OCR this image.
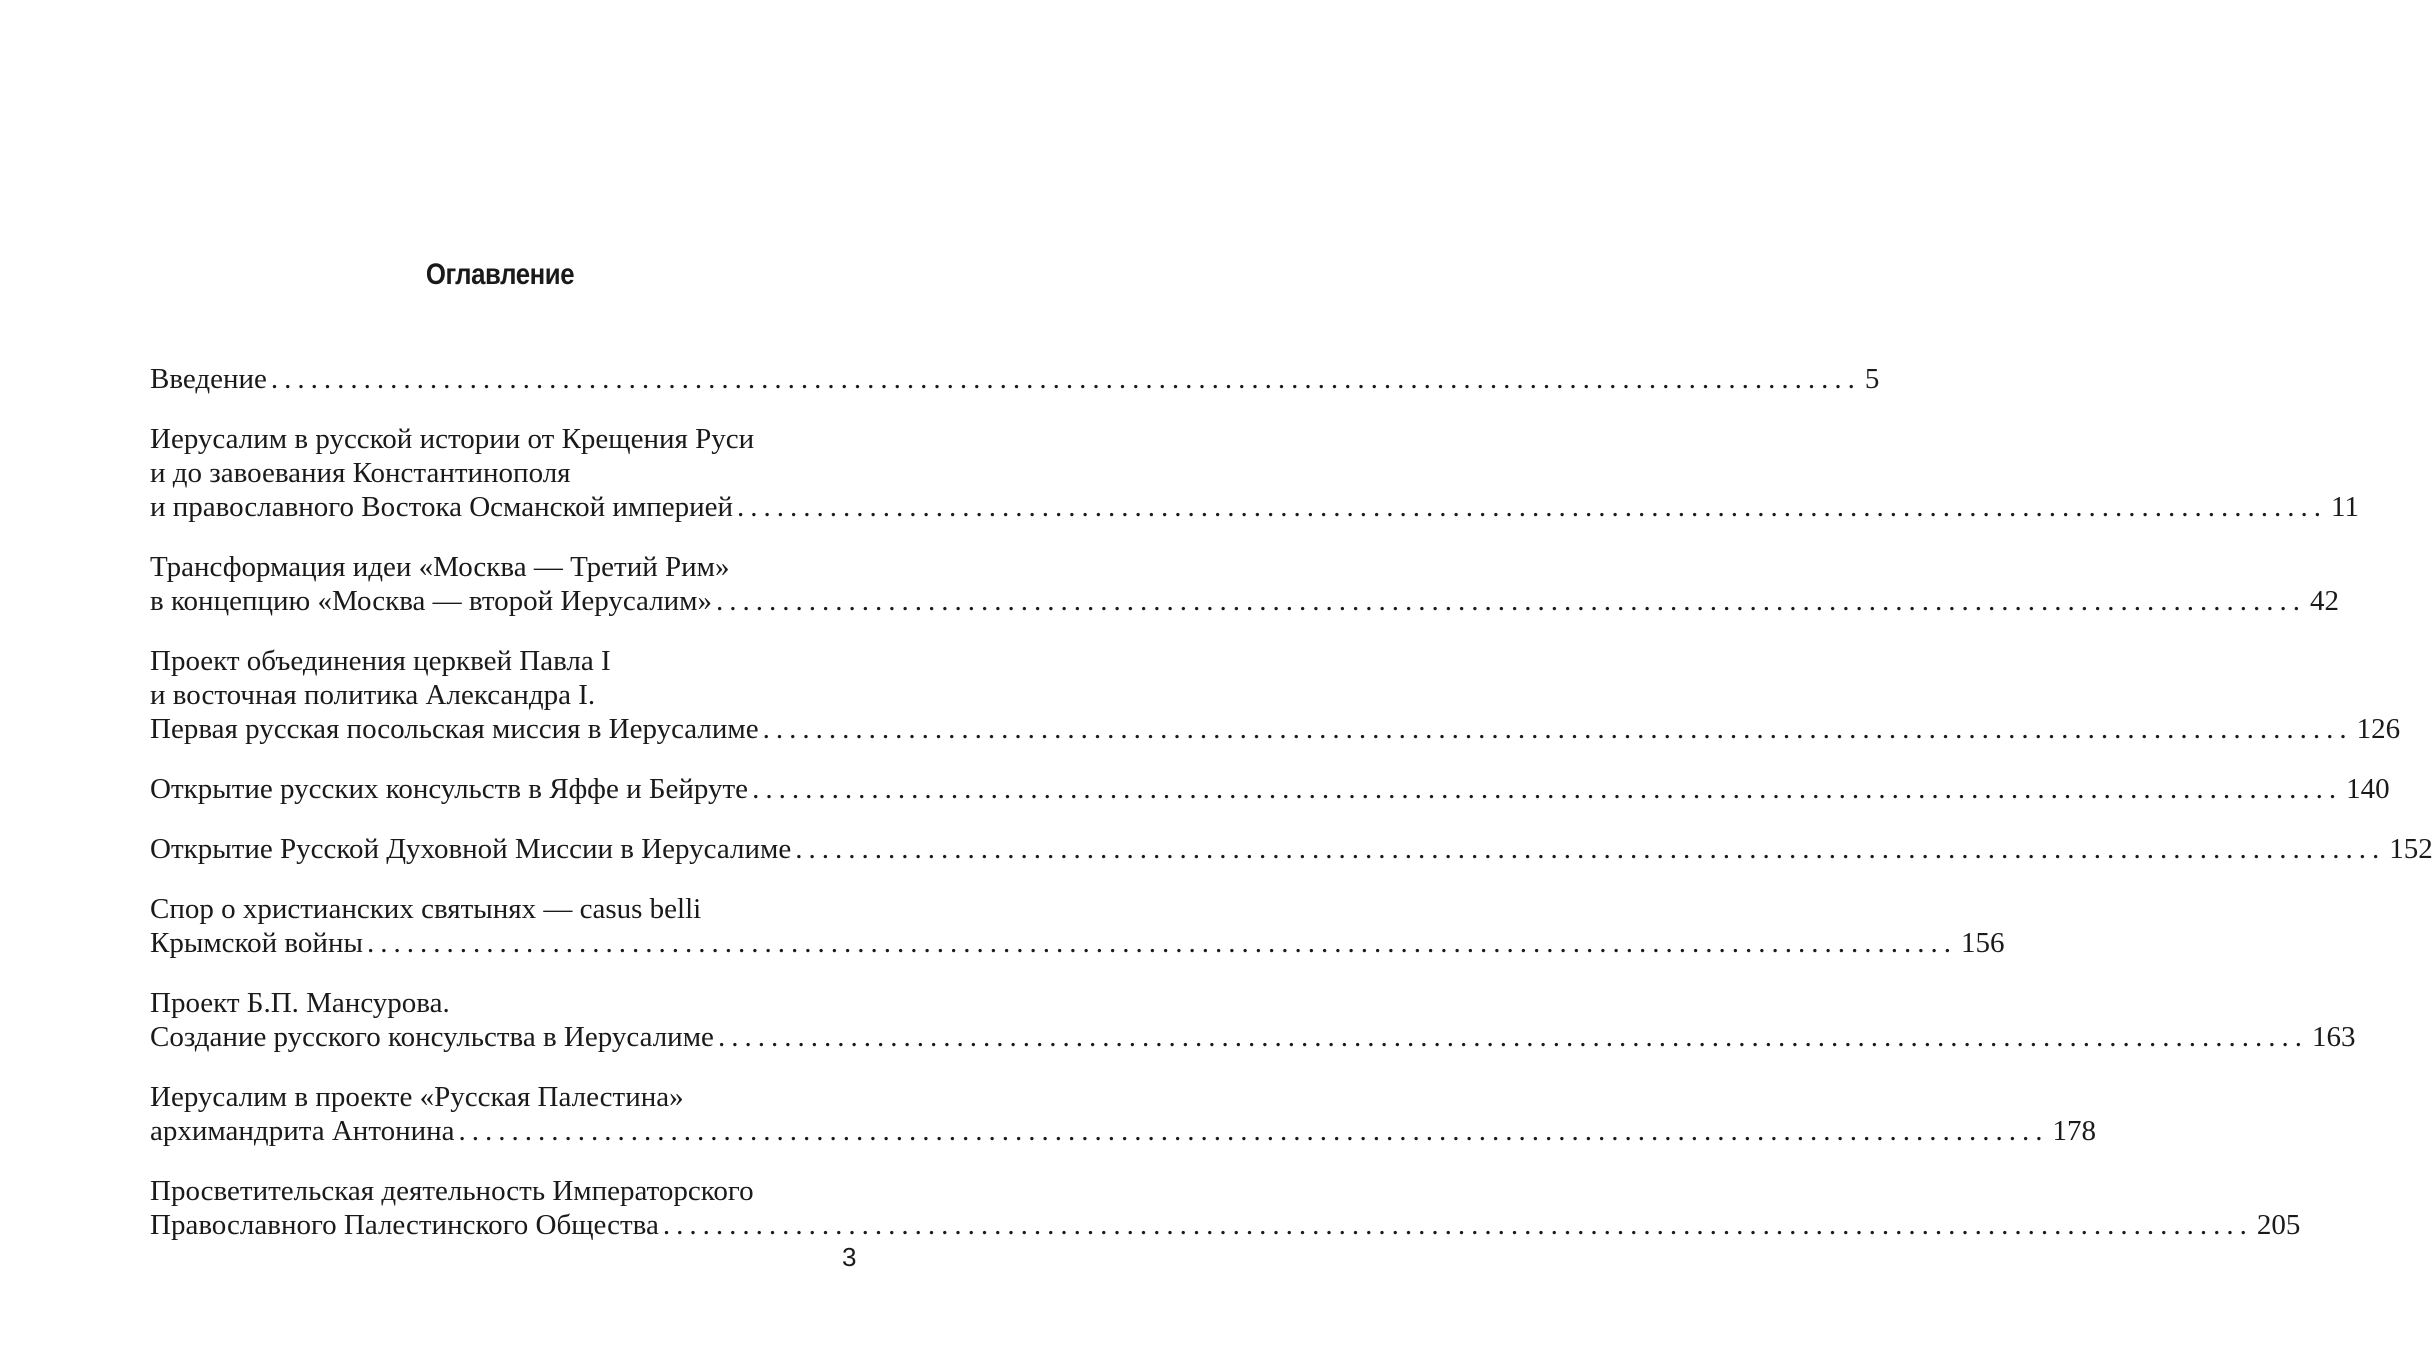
Оглавление
Введение ........................................................................................................................ 5
Иерусалим в русской истории от Крещения Руси
и до завоевания Константинополя
и православного Востока Османской империей ........................................................................................................................ 11
Трансформация идеи «Москва — Третий Рим»
в концепцию «Москва — второй Иерусалим» ........................................................................................................................ 42
Проект объединения церквей Павла I
и восточная политика Александра I.
Первая русская посольская миссия в Иерусалиме ........................................................................................................................ 126
Открытие русских консульств в Яффе и Бейруте ........................................................................................................................ 140
Открытие Русской Духовной Миссии в Иерусалиме ........................................................................................................................ 152
Спор о христианских святынях — casus belli
Крымской войны ........................................................................................................................ 156
Проект Б.П. Мансурова.
Создание русского консульства в Иерусалиме ........................................................................................................................ 163
Иерусалим в проекте «Русская Палестина»
архимандрита Антонина ........................................................................................................................ 178
Просветительская деятельность Императорского
Православного Палестинского Общества ........................................................................................................................ 205
3
